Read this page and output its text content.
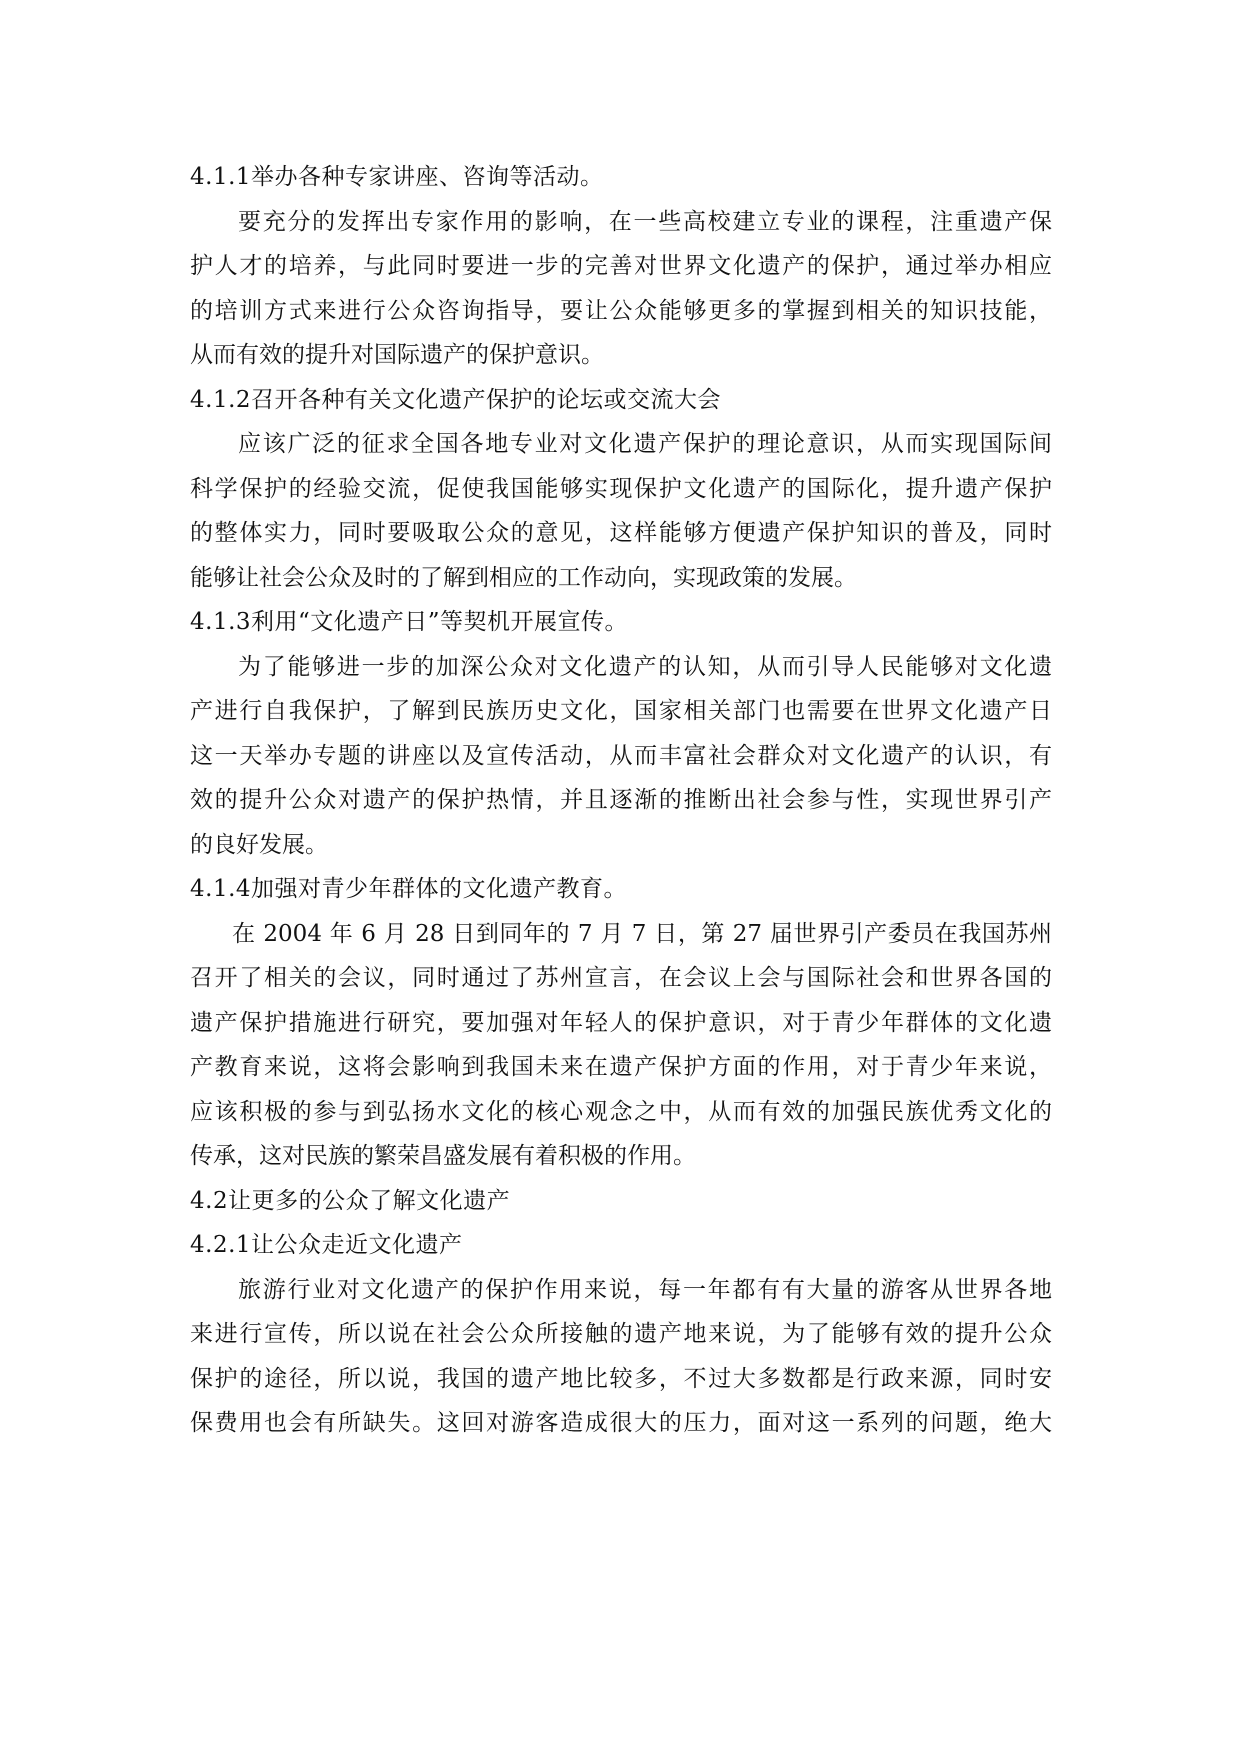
4.1.1举办各种专家讲座、咨询等活动。
要充分的发挥出专家作用的影响，在一些高校建立专业的课程，注重遗产保
护人才的培养，与此同时要进一步的完善对世界文化遗产的保护，通过举办相应
的培训方式来进行公众咨询指导，要让公众能够更多的掌握到相关的知识技能，
从而有效的提升对国际遗产的保护意识。
4.1.2召开各种有关文化遗产保护的论坛或交流大会
应该广泛的征求全国各地专业对文化遗产保护的理论意识，从而实现国际间
科学保护的经验交流，促使我国能够实现保护文化遗产的国际化，提升遗产保护
的整体实力，同时要吸取公众的意见，这样能够方便遗产保护知识的普及，同时
能够让社会公众及时的了解到相应的工作动向，实现政策的发展。
4.1.3利用“文化遗产日”等契机开展宣传。
为了能够进一步的加深公众对文化遗产的认知，从而引导人民能够对文化遗
产进行自我保护，了解到民族历史文化，国家相关部门也需要在世界文化遗产日
这一天举办专题的讲座以及宣传活动，从而丰富社会群众对文化遗产的认识，有
效的提升公众对遗产的保护热情，并且逐渐的推断出社会参与性，实现世界引产
的良好发展。
4.1.4加强对青少年群体的文化遗产教育。
在 2004 年 6 月 28 日到同年的 7 月 7 日，第 27 届世界引产委员在我国苏州
召开了相关的会议，同时通过了苏州宣言，在会议上会与国际社会和世界各国的
遗产保护措施进行研究，要加强对年轻人的保护意识，对于青少年群体的文化遗
产教育来说，这将会影响到我国未来在遗产保护方面的作用，对于青少年来说，
应该积极的参与到弘扬水文化的核心观念之中，从而有效的加强民族优秀文化的
传承，这对民族的繁荣昌盛发展有着积极的作用。
4.2让更多的公众了解文化遗产
4.2.1让公众走近文化遗产
旅游行业对文化遗产的保护作用来说，每一年都有有大量的游客从世界各地
来进行宣传，所以说在社会公众所接触的遗产地来说，为了能够有效的提升公众
保护的途径，所以说，我国的遗产地比较多，不过大多数都是行政来源，同时安
保费用也会有所缺失。这回对游客造成很大的压力，面对这一系列的问题，绝大
